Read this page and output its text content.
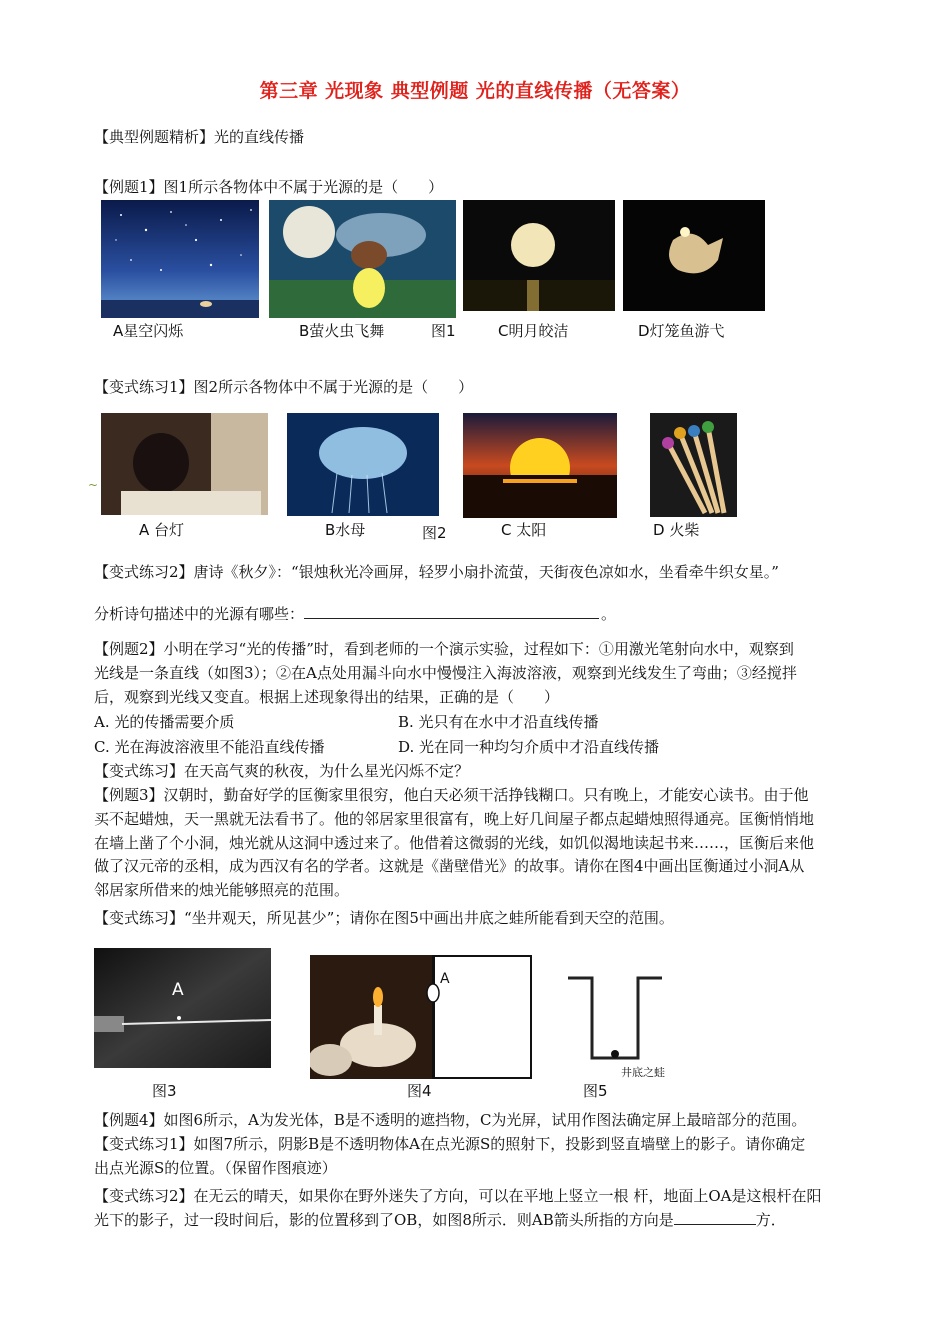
第三章 光现象 典型例题 光的直线传播（无答案）
【典型例题精析】光的直线传播
【例题1】图1所示各物体中不属于光源的是（　　）
A星空闪烁	B萤火虫飞舞	图1	C明月皎洁	D灯笼鱼游弋
【变式练习1】图2所示各物体中不属于光源的是（　　）
~
A 台灯	B水母	图2	C 太阳	D 火柴
【变式练习2】唐诗《秋夕》：“银烛秋光冷画屏，轻罗小扇扑流萤，天街夜色凉如水，坐看牵牛织女星。”
分析诗句描述中的光源有哪些：	。
【例题2】小明在学习“光的传播”时，看到老师的一个演示实验，过程如下：①用激光笔射向水中，观察到
光线是一条直线（如图3）；②在A点处用漏斗向水中慢慢注入海波溶液，观察到光线发生了弯曲；③经搅拌
后，观察到光线又变直。根据上述现象得出的结果，正确的是（　　）
A. 光的传播需要介质	B. 光只有在水中才沿直线传播
C. 光在海波溶液里不能沿直线传播	D. 光在同一种均匀介质中才沿直线传播
【变式练习】在天高气爽的秋夜，为什么星光闪烁不定？
【例题3】汉朝时，勤奋好学的匡衡家里很穷，他白天必须干活挣钱糊口。只有晚上，才能安心读书。由于他
买不起蜡烛，天一黑就无法看书了。他的邻居家里很富有，晚上好几间屋子都点起蜡烛照得通亮。匡衡悄悄地
在墙上凿了个小洞，烛光就从这洞中透过来了。他借着这微弱的光线，如饥似渴地读起书来……，匡衡后来他
做了汉元帝的丞相，成为西汉有名的学者。这就是《凿壁借光》的故事。请你在图4中画出匡衡通过小洞A从
邻居家所借来的烛光能够照亮的范围。
【变式练习】“坐井观天，所见甚少”；请你在图5中画出井底之蛙所能看到天空的范围。
A
A
井底之蛙
图3	图4	图5
【例题4】如图6所示，A为发光体，B是不透明的遮挡物，C为光屏，试用作图法确定屏上最暗部分的范围。
【变式练习1】如图7所示，阴影B是不透明物体A在点光源S的照射下，投影到竖直墙壁上的影子。请你确定
出点光源S的位置。（保留作图痕迹）
【变式练习2】在无云的晴天，如果你在野外迷失了方向，可以在平地上竖立一根 杆，地面上OA是这根杆在阳
光下的影子，过一段时间后，影的位置移到了OB，如图8所示．则AB箭头所指的方向是	方．
